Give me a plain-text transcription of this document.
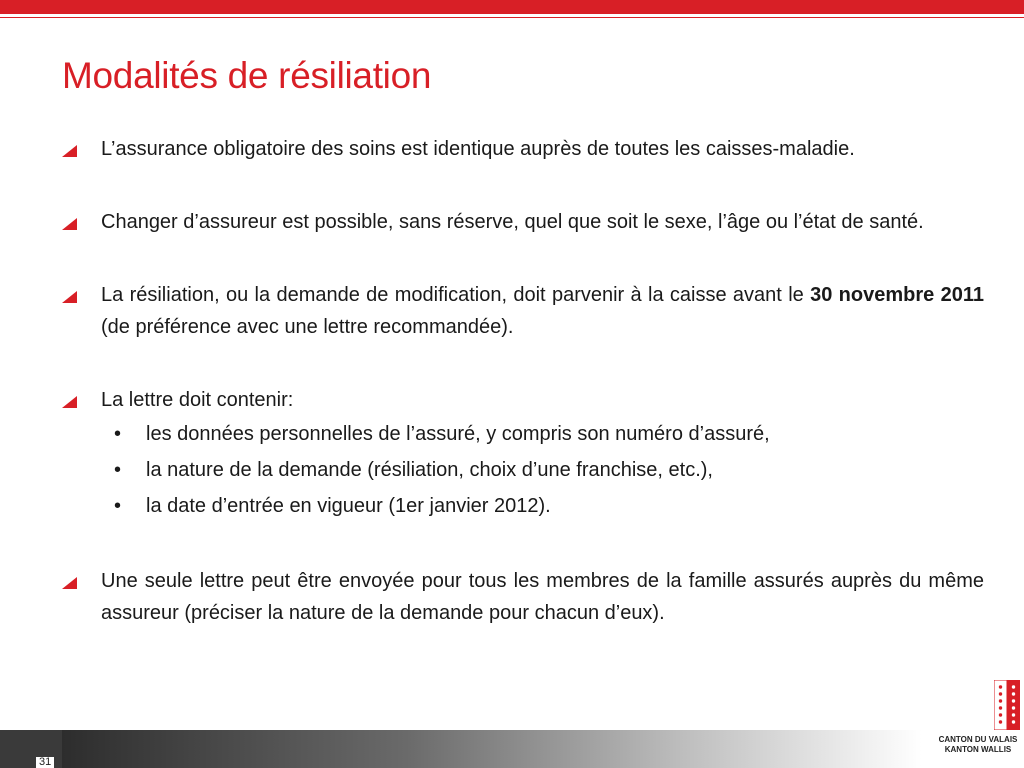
Modalités de résiliation
L’assurance obligatoire des soins est identique auprès de toutes les caisses-maladie.
Changer d’assureur est possible, sans réserve, quel que soit le sexe, l’âge ou l’état de santé.
La résiliation, ou la demande de modification, doit parvenir à la caisse avant le 30 novembre 2011 (de préférence avec une lettre recommandée).
La lettre doit contenir:
• les données personnelles de l’assuré, y compris son numéro d’assuré,
• la nature de la demande (résiliation, choix d’une franchise, etc.),
• la date d’entrée en vigueur (1er janvier 2012).
Une seule lettre peut être envoyée pour tous les membres de la famille assurés auprès du même assureur (préciser la nature de la demande pour chacun d’eux).
31
CANTON DU VALAIS
KANTON WALLIS
